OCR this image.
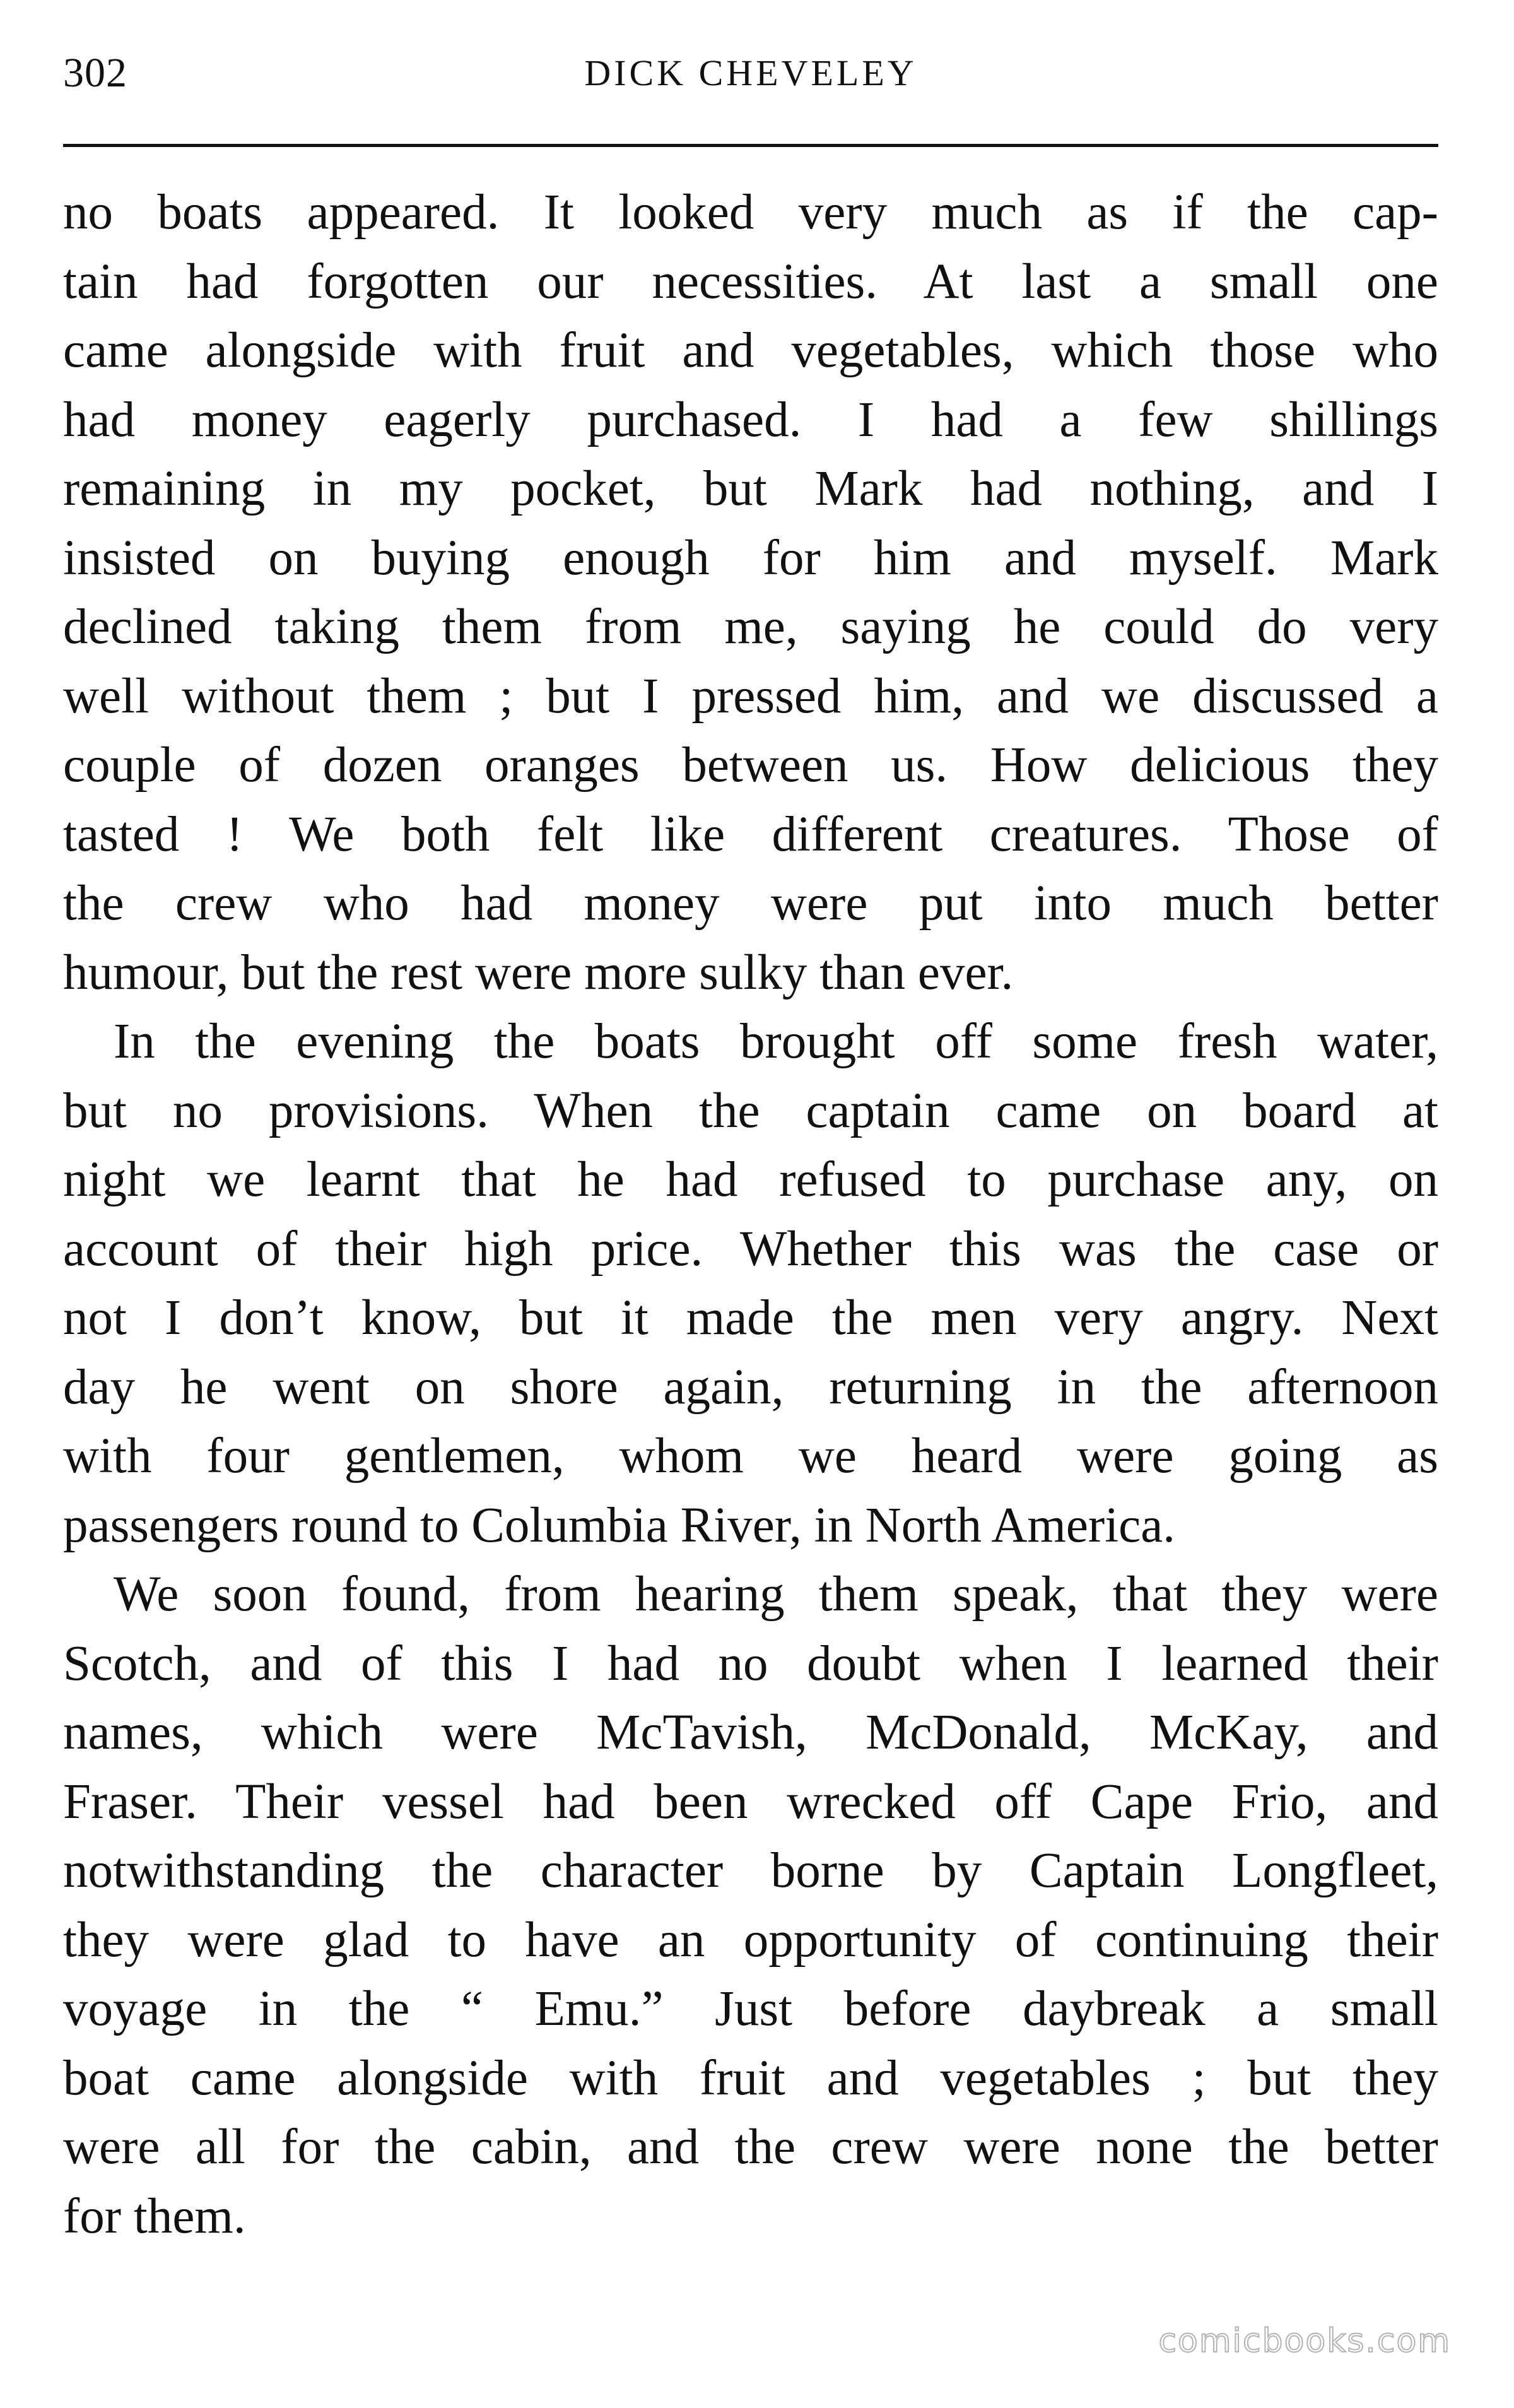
302	DICK CHEVELEY
no boats appeared. It looked very much as if the cap-
tain had forgotten our necessities. At last a small one
came alongside with fruit and vegetables, which those who
had money eagerly purchased. I had a few shillings
remaining in my pocket, but Mark had nothing, and I
insisted on buying enough for him and myself. Mark
declined taking them from me, saying he could do very
well without them ; but I pressed him, and we discussed a
couple of dozen oranges between us. How delicious they
tasted ! We both felt like different creatures. Those of
the crew who had money were put into much better
humour, but the rest were more sulky than ever.
In the evening the boats brought off some fresh water,
but no provisions. When the captain came on board at
night we learnt that he had refused to purchase any, on
account of their high price. Whether this was the case or
not I don’t know, but it made the men very angry. Next
day he went on shore again, returning in the afternoon
with four gentlemen, whom we heard were going as
passengers round to Columbia River, in North America.
We soon found, from hearing them speak, that they were
Scotch, and of this I had no doubt when I learned their
names, which were McTavish, McDonald, McKay, and
Fraser. Their vessel had been wrecked off Cape Frio, and
notwithstanding the character borne by Captain Longfleet,
they were glad to have an opportunity of continuing their
voyage in the “ Emu.” Just before daybreak a small
boat came alongside with fruit and vegetables ; but they
were all for the cabin, and the crew were none the better
for them.
comicbooks.com
